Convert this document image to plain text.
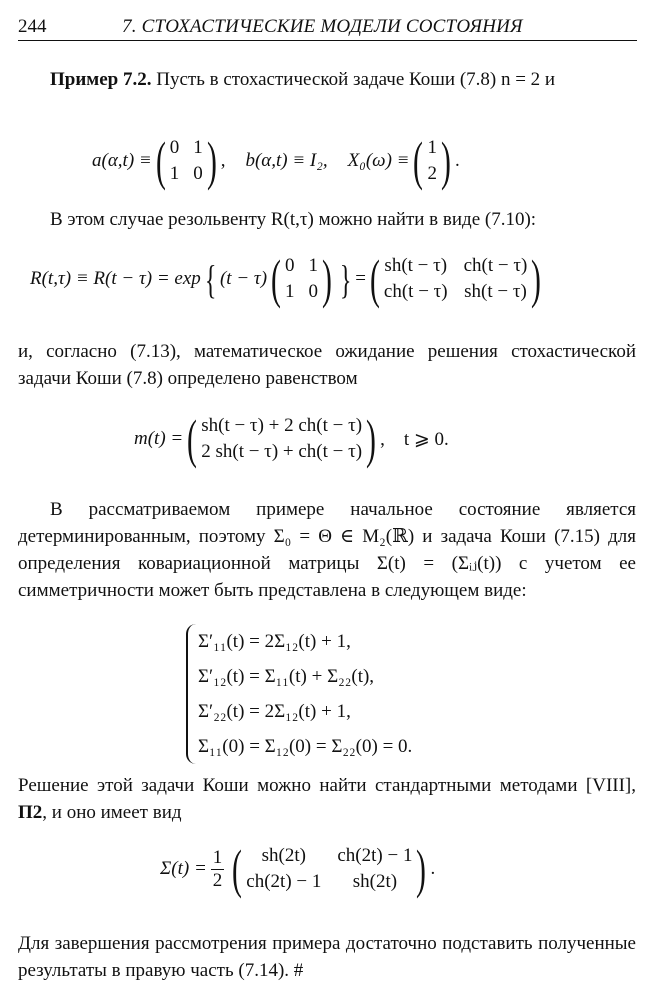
244	7. СТОХАСТИЧЕСКИЕ МОДЕЛИ СОСТОЯНИЯ
Пример 7.2. Пусть в стохастической задаче Коши (7.8) n = 2 и
a(α,t) ≡ ( 0 1
1 0 ) , b(α,t) ≡ I₂, X₀(ω) ≡ ( 1
2 ) .
В этом случае резольвенту R(t,τ) можно найти в виде (7.10):
R(t,τ) ≡ R(t − τ) = exp { (t − τ) ( 0 1
1 0 ) } = ( sh(t − τ) ch(t − τ)
ch(t − τ) sh(t − τ) )
и, согласно (7.13), математическое ожидание решения стохастической задачи Коши (7.8) определено равенством
m(t) = ( sh(t − τ) + 2 ch(t − τ)
2 sh(t − τ) + ch(t − τ) ) ,    t ⩾ 0.
В рассматриваемом примере начальное состояние является детерминированным, поэтому Σ₀ = Θ ∈ M₂(ℝ) и задача Коши (7.15) для определения ковариационной матрицы Σ(t) = (Σᵢⱼ(t)) с учетом ее симметричности может быть представлена в следующем виде:
Σ′₁₁(t) = 2Σ₁₂(t) + 1,
Σ′₁₂(t) = Σ₁₁(t) + Σ₂₂(t),
Σ′₂₂(t) = 2Σ₁₂(t) + 1,
Σ₁₁(0) = Σ₁₂(0) = Σ₂₂(0) = 0.
Решение этой задачи Коши можно найти стандартными методами [VIII], П2, и оно имеет вид
$\Sigma(t) = \frac{1}{2}$ (	sh(2t)	ch(2t) − 1
ch(2t) − 1	sh(2t) ) .
Для завершения рассмотрения примера достаточно подставить полученные результаты в правую часть (7.14). #
